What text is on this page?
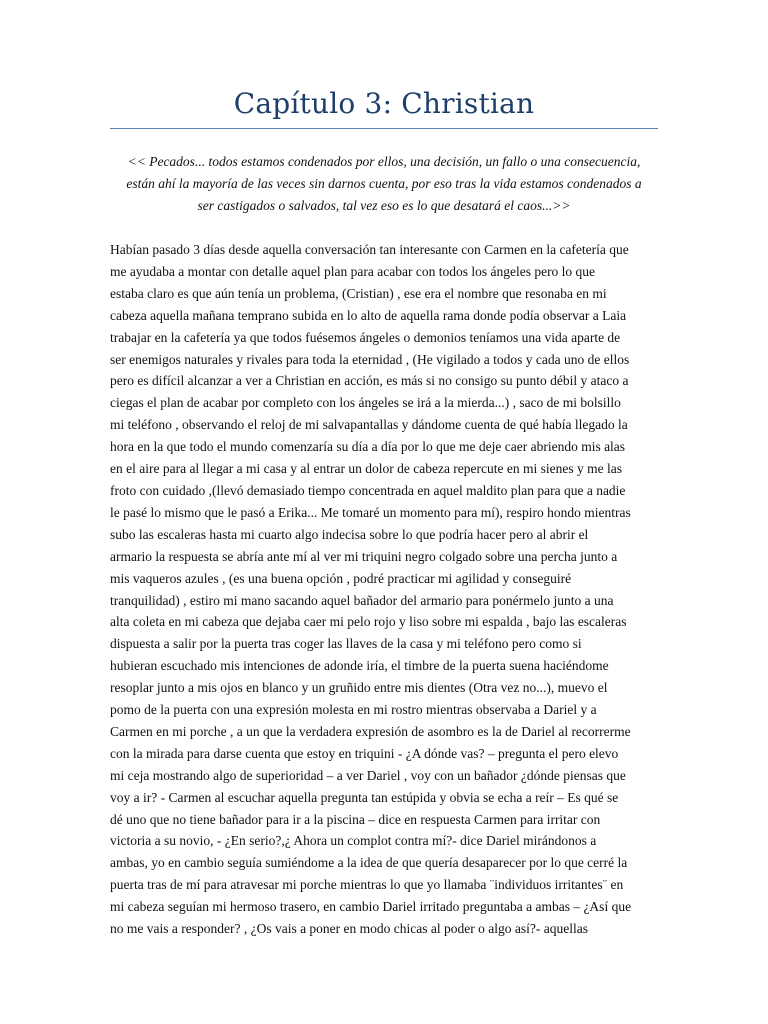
Capítulo 3: Christian

<< Pecados... todos estamos condenados por ellos, una decisión, un fallo o una consecuencia,
están ahí la mayoría de las veces sin darnos cuenta, por eso tras la vida estamos condenados a
ser castigados o salvados, tal vez eso es lo que desatará el caos...>>

Habían pasado 3 días desde aquella conversación tan interesante con Carmen en la cafetería que
me ayudaba a montar con detalle aquel plan para acabar con todos los ángeles pero lo que
estaba claro es que aún tenía un problema, (Cristian) , ese era el nombre que resonaba en mi
cabeza aquella mañana temprano subida en lo alto de aquella rama donde podía observar a Laia
trabajar en la cafetería ya que todos fuésemos ángeles o demonios teníamos una vida aparte de
ser enemigos naturales y rivales para toda la eternidad , (He vigilado a todos y cada uno de ellos
pero es difícil alcanzar a ver a Christian en acción, es más si no consigo su punto débil y ataco a
ciegas el plan de acabar por completo con los ángeles se irá a la mierda...) , saco de mi bolsillo
mi teléfono , observando el reloj de mi salvapantallas y dándome cuenta de qué había llegado la
hora en la que todo el mundo comenzaría su día a día por lo que me deje caer abriendo mis alas
en el aire para al llegar a mi casa y al entrar un dolor de cabeza repercute en mi sienes y me las
froto con cuidado ,(llevó demasiado tiempo concentrada en aquel maldito plan para que a nadie
le pasé lo mismo que le pasó a Erika... Me tomaré un momento para mí), respiro hondo mientras
subo las escaleras hasta mi cuarto algo indecisa sobre lo que podría hacer pero al abrir el
armario la respuesta se abría ante mí al ver mi triquini negro colgado sobre una percha junto a
mis vaqueros azules , (es una buena opción , podré practicar mi agilidad y conseguiré
tranquilidad) , estiro mi mano sacando aquel bañador del armario para ponérmelo junto a una
alta coleta en mi cabeza que dejaba caer mi pelo rojo y liso sobre mi espalda , bajo las escaleras
dispuesta a salir por la puerta tras coger las llaves de la casa y mi teléfono pero como si
hubieran escuchado mis intenciones de adonde iría, el timbre de la puerta suena haciéndome
resoplar junto a mis ojos en blanco y un gruñido entre mis dientes (Otra vez no...), muevo el
pomo de la puerta con una expresión molesta en mi rostro mientras observaba a Dariel y a
Carmen en mi porche , a un que la verdadera expresión de asombro es la de Dariel al recorrerme
con la mirada para darse cuenta que estoy en triquini - ¿A dónde vas? – pregunta el pero elevo
mi ceja mostrando algo de superioridad – a ver Dariel , voy con un bañador ¿dónde piensas que
voy a ir? - Carmen al escuchar aquella pregunta tan estúpida y obvia se echa a reír – Es qué se
dé uno que no tiene bañador para ir a la piscina – dice en respuesta Carmen para irritar con
victoria a su novio, - ¿En serio?,¿ Ahora un complot contra mí?- dice Dariel mirándonos a
ambas, yo en cambio seguía sumiéndome a la idea de que quería desaparecer por lo que cerré la
puerta tras de mí para atravesar mi porche mientras lo que yo llamaba ¨individuos irritantes¨ en
mi cabeza seguían mi hermoso trasero, en cambio Dariel irritado preguntaba a ambas – ¿Así que
no me vais a responder? , ¿Os vais a poner en modo chicas al poder o algo así?- aquellas
